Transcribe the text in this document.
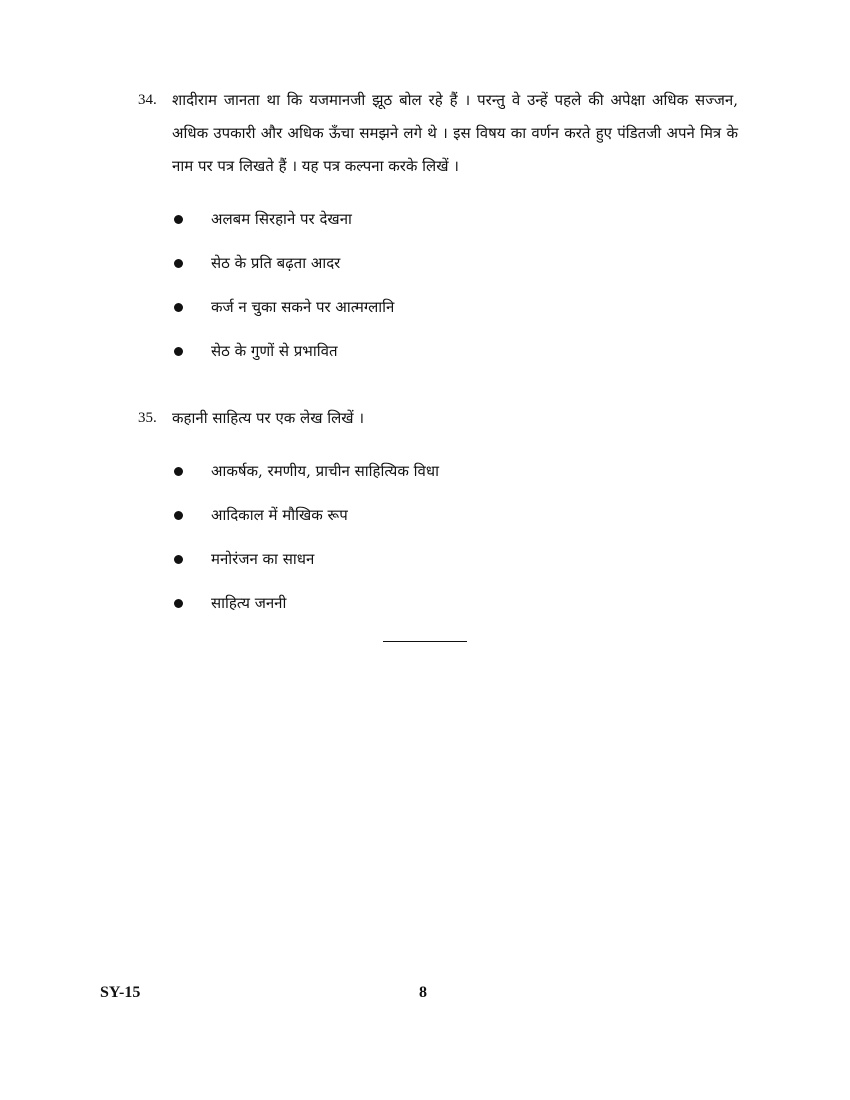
34.	शादीराम जानता था कि यजमानजी झूठ बोल रहे हैं । परन्तु वे उन्हें पहले की अपेक्षा अधिक सज्जन, अधिक उपकारी और अधिक ऊँचा समझने लगे थे । इस विषय का वर्णन करते हुए पंडितजी अपने मित्र के नाम पर पत्र लिखते हैं । यह पत्र कल्पना करके लिखें ।
अलबम सिरहाने पर देखना
सेठ के प्रति बढ़ता आदर
कर्ज न चुका सकने पर आत्मग्लानि
सेठ के गुणों से प्रभावित
35.	कहानी साहित्य पर एक लेख लिखें ।
आकर्षक, रमणीय, प्राचीन साहित्यिक विधा
आदिकाल में मौखिक रूप
मनोरंजन का साधन
साहित्य जननी
SY-15	8
